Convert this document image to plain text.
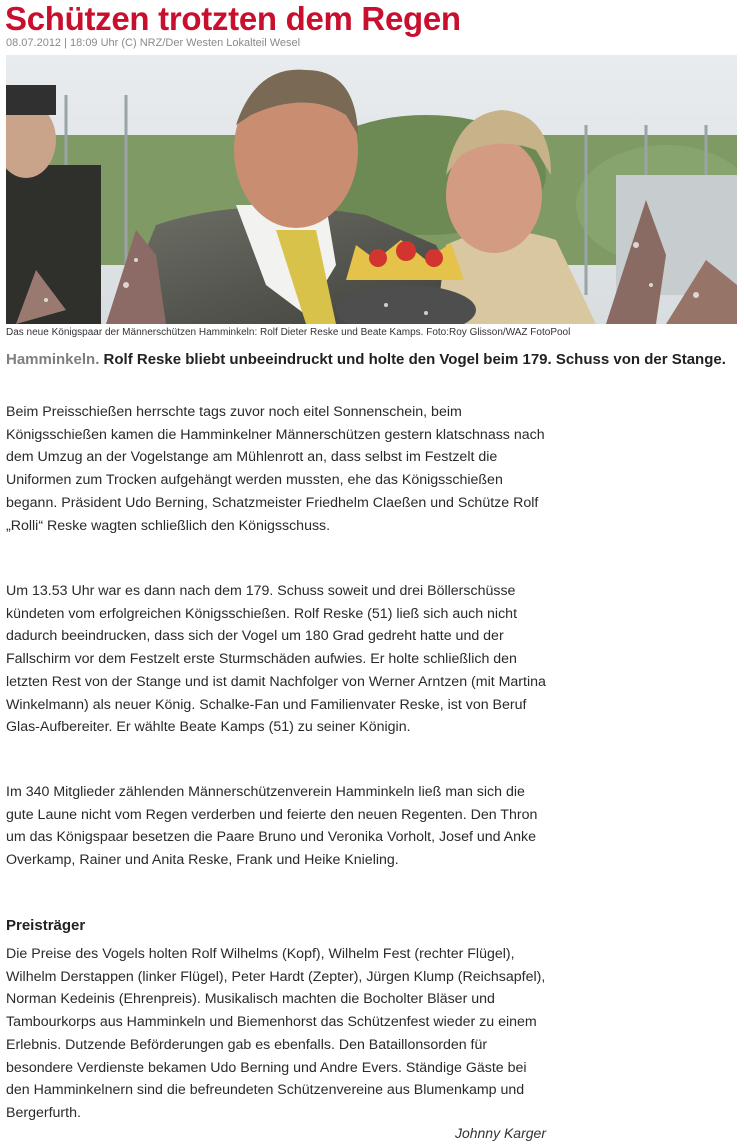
Schützen trotzten dem Regen
08.07.2012 | 18:09 Uhr (C) NRZ/Der Westen Lokalteil Wesel
Das neue Königspaar der Männerschützen Hamminkeln: Rolf Dieter Reske und Beate Kamps. Foto:Roy Glisson/WAZ FotoPool

Hamminkeln. Rolf Reske bliebt unbeeindruckt und holte den Vogel beim 179. Schuss von der Stange.

Beim Preisschießen herrschte tags zuvor noch eitel Sonnenschein, beim Königsschießen kamen die Hamminkelner Männerschützen gestern klatschnass nach dem Umzug an der Vogelstange am Mühlenrott an, dass selbst im Festzelt die Uniformen zum Trocken aufgehängt werden mussten, ehe das Königsschießen begann. Präsident Udo Berning, Schatzmeister Friedhelm Claeßen und Schütze Rolf „Rolli“ Reske wagten schließlich den Königsschuss.

Um 13.53 Uhr war es dann nach dem 179. Schuss soweit und drei Böllerschüsse kündeten vom erfolgreichen Königsschießen. Rolf Reske (51) ließ sich auch nicht dadurch beeindrucken, dass sich der Vogel um 180 Grad gedreht hatte und der Fallschirm vor dem Festzelt erste Sturmschäden aufwies. Er holte schließlich den letzten Rest von der Stange und ist damit Nachfolger von Werner Arntzen (mit Martina Winkelmann) als neuer König. Schalke-Fan und Familienvater Reske, ist von Beruf Glas-Aufbereiter. Er wählte Beate Kamps (51) zu seiner Königin.

Im 340 Mitglieder zählenden Männerschützenverein Hamminkeln ließ man sich die gute Laune nicht vom Regen verderben und feierte den neuen Regenten. Den Thron um das Königspaar besetzen die Paare Bruno und Veronika Vorholt, Josef und Anke Overkamp, Rainer und Anita Reske, Frank und Heike Knieling.

Preisträger

Die Preise des Vogels holten Rolf Wilhelms (Kopf), Wilhelm Fest (rechter Flügel), Wilhelm Derstappen (linker Flügel), Peter Hardt (Zepter), Jürgen Klump (Reichsapfel), Norman Kedeinis (Ehrenpreis). Musikalisch machten die Bocholter Bläser und Tambourkorps aus Hamminkeln und Biemenhorst das Schützenfest wieder zu einem Erlebnis. Dutzende Beförderungen gab es ebenfalls. Den Bataillonsorden für besondere Verdienste bekamen Udo Berning und Andre Evers. Ständige Gäste bei den Hamminkelnern sind die befreundeten Schützenvereine aus Blumenkamp und Bergerfurth.

Johnny Karger
